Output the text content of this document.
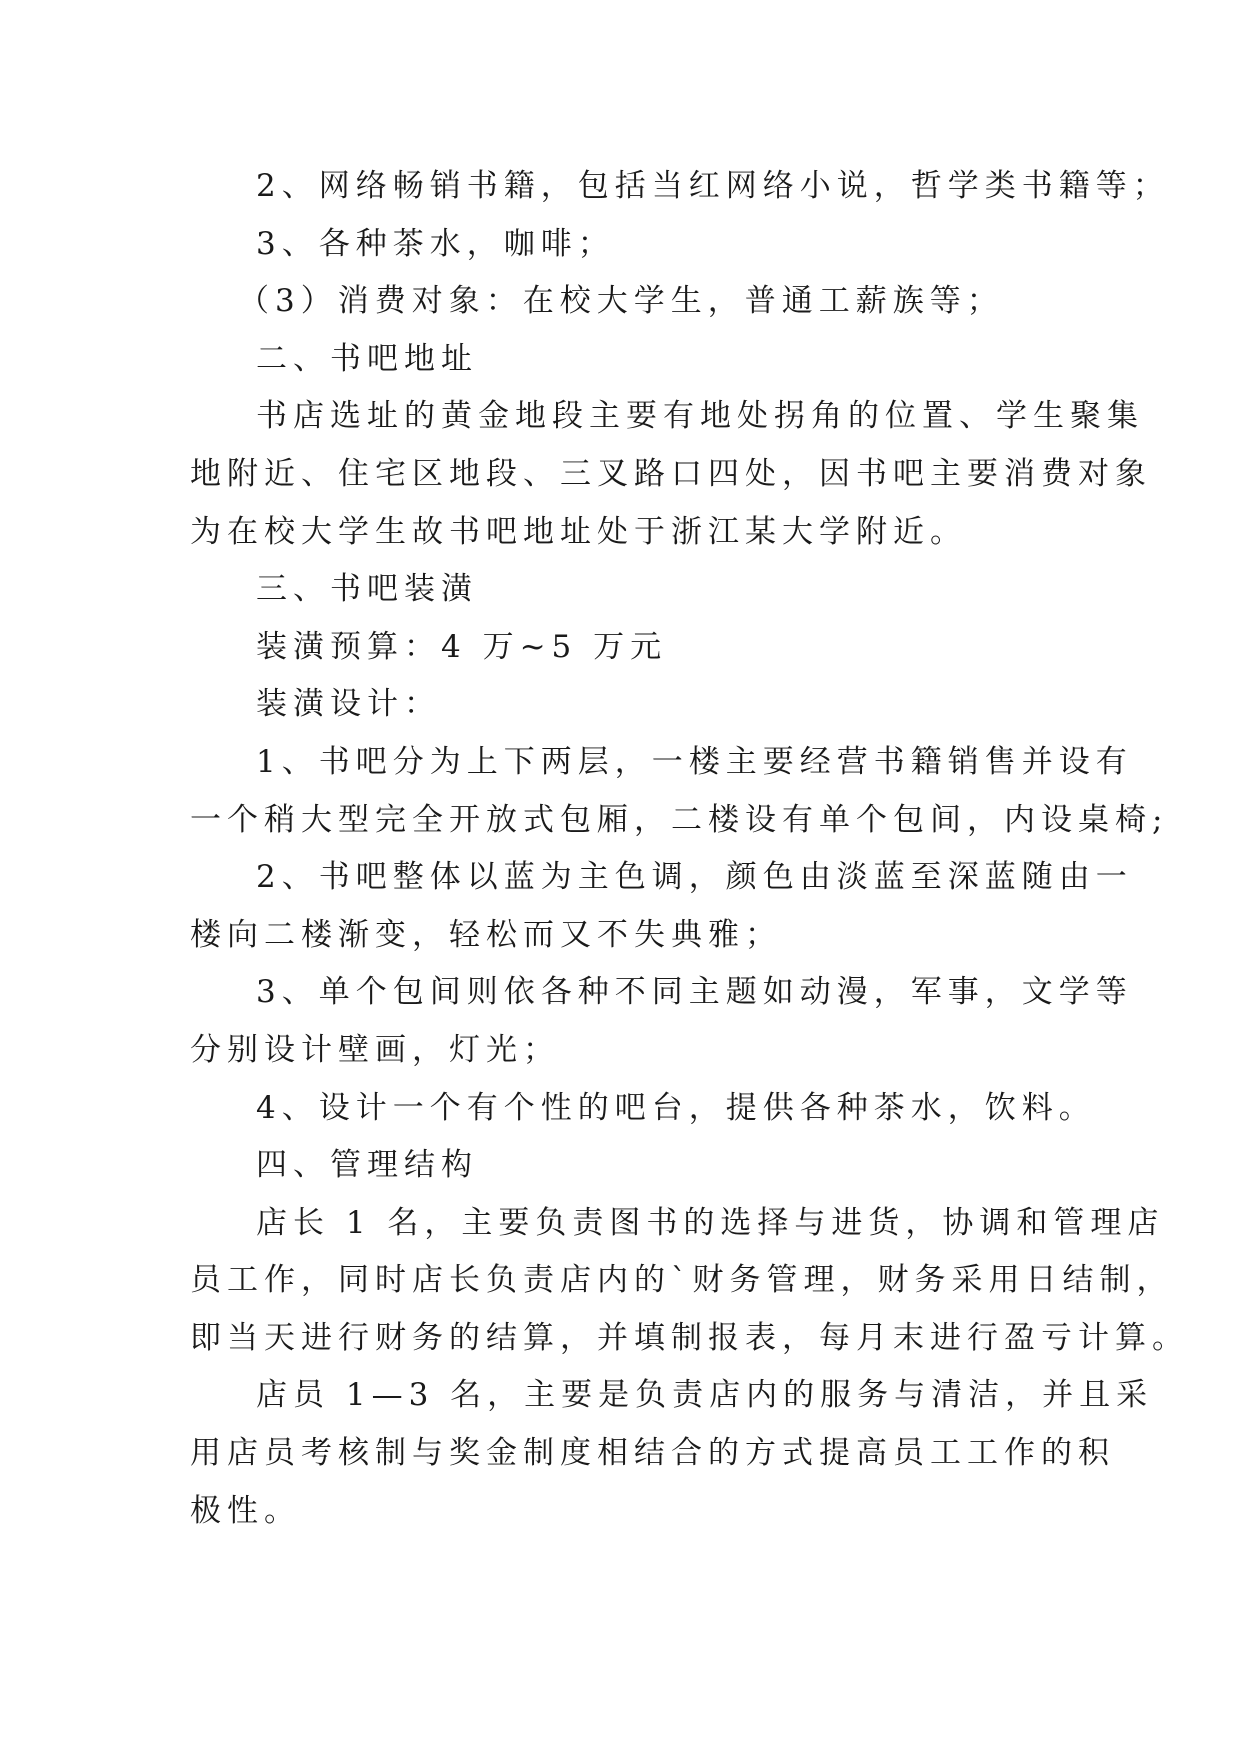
2、网络畅销书籍，包括当红网络小说，哲学类书籍等；

3、各种茶水，咖啡；

（3）消费对象：在校大学生，普通工薪族等；

二、书吧地址

书店选址的黄金地段主要有地处拐角的位置、学生聚集

地附近、住宅区地段、三叉路口四处，因书吧主要消费对象

为在校大学生故书吧地址处于浙江某大学附近。

三、书吧装潢

装潢预算：4 万~5 万元

装潢设计：

1、书吧分为上下两层，一楼主要经营书籍销售并设有

一个稍大型完全开放式包厢，二楼设有单个包间，内设桌椅;

2、书吧整体以蓝为主色调，颜色由淡蓝至深蓝随由一

楼向二楼渐变，轻松而又不失典雅；

3、单个包间则依各种不同主题如动漫，军事，文学等

分别设计壁画，灯光；

4、设计一个有个性的吧台，提供各种茶水，饮料。

四、管理结构

店长 1 名，主要负责图书的选择与进货，协调和管理店

员工作，同时店长负责店内的`财务管理，财务采用日结制，

即当天进行财务的结算，并填制报表，每月末进行盈亏计算。

店员 1—3 名，主要是负责店内的服务与清洁，并且采

用店员考核制与奖金制度相结合的方式提高员工工作的积

极性。
